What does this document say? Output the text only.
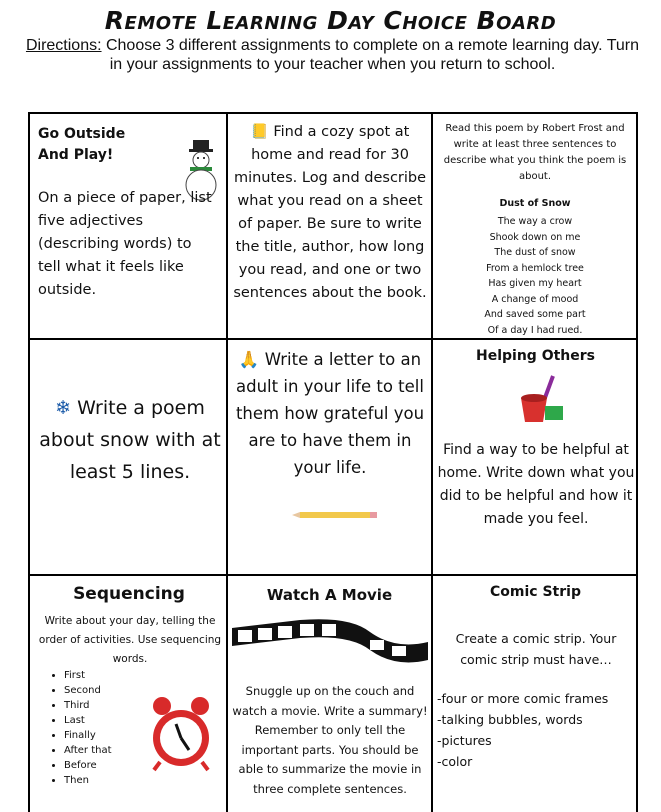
Remote Learning Day Choice Board
Directions: Choose 3 different assignments to complete on a remote learning day. Turn in your assignments to your teacher when you return to school.
Go Outside And Play!
On a piece of paper, list five adjectives (describing words) to tell what it feels like outside.
📒 Find a cozy spot at home and read for 30 minutes. Log and describe what you read on a sheet of paper. Be sure to write the title, author, how long you read, and one or two sentences about the book.
Read this poem by Robert Frost and write at least three sentences to describe what you think the poem is about.
Dust of Snow
The way a crow
Shook down on me
The dust of snow
From a hemlock tree
Has given my heart
A change of mood
And saved some part
Of a day I had rued.
❄ Write a poem about snow with at least 5 lines.
🙏 Write a letter to an adult in your life to tell them how grateful you are to have them in your life.
Helping Others
Find a way to be helpful at home. Write down what you did to be helpful and how it made you feel.
Sequencing
Write about your day, telling the order of activities. Use sequencing words.
• First
• Second
• Third
• Last
• Finally
• After that
• Before
• Then
Watch A Movie
Snuggle up on the couch and watch a movie. Write a summary! Remember to only tell the important parts. You should be able to summarize the movie in three complete sentences.
Comic Strip
Create a comic strip. Your comic strip must have…
-four or more comic frames
-talking bubbles, words
-pictures
-color
